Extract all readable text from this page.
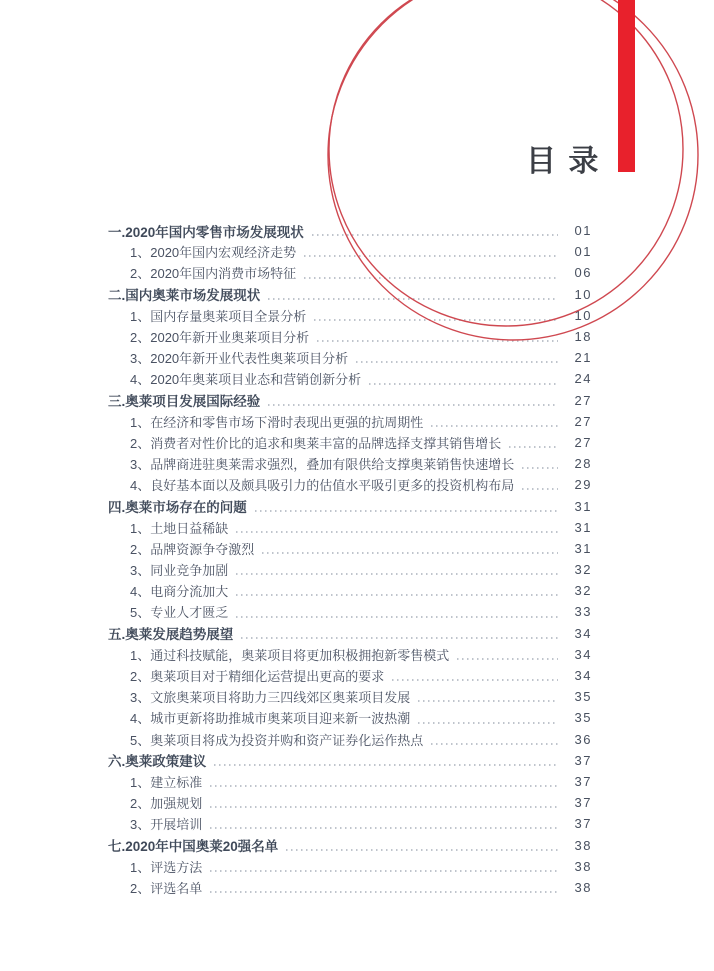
目 录
一.2020年国内零售市场发展现状	01
1、2020年国内宏观经济走势	01
2、2020年国内消费市场特征	06
二.国内奥莱市场发展现状	10
1、国内存量奥莱项目全景分析	10
2、2020年新开业奥莱项目分析	18
3、2020年新开业代表性奥莱项目分析	21
4、2020年奥莱项目业态和营销创新分析	24
三.奥莱项目发展国际经验	27
1、在经济和零售市场下滑时表现出更强的抗周期性	27
2、消费者对性价比的追求和奥莱丰富的品牌选择支撑其销售增长	27
3、品牌商进驻奥莱需求强烈，叠加有限供给支撑奥莱销售快速增长	28
4、良好基本面以及颇具吸引力的估值水平吸引更多的投资机构布局	29
四.奥莱市场存在的问题	31
1、土地日益稀缺	31
2、品牌资源争夺激烈	31
3、同业竞争加剧	32
4、电商分流加大	32
5、专业人才匮乏	33
五.奥莱发展趋势展望	34
1、通过科技赋能，奥莱项目将更加积极拥抱新零售模式	34
2、奥莱项目对于精细化运营提出更高的要求	34
3、文旅奥莱项目将助力三四线郊区奥莱项目发展	35
4、城市更新将助推城市奥莱项目迎来新一波热潮	35
5、奥莱项目将成为投资并购和资产证券化运作热点	36
六.奥莱政策建议	37
1、建立标准	37
2、加强规划	37
3、开展培训	37
七.2020年中国奥莱20强名单	38
1、评选方法	38
2、评选名单	38
